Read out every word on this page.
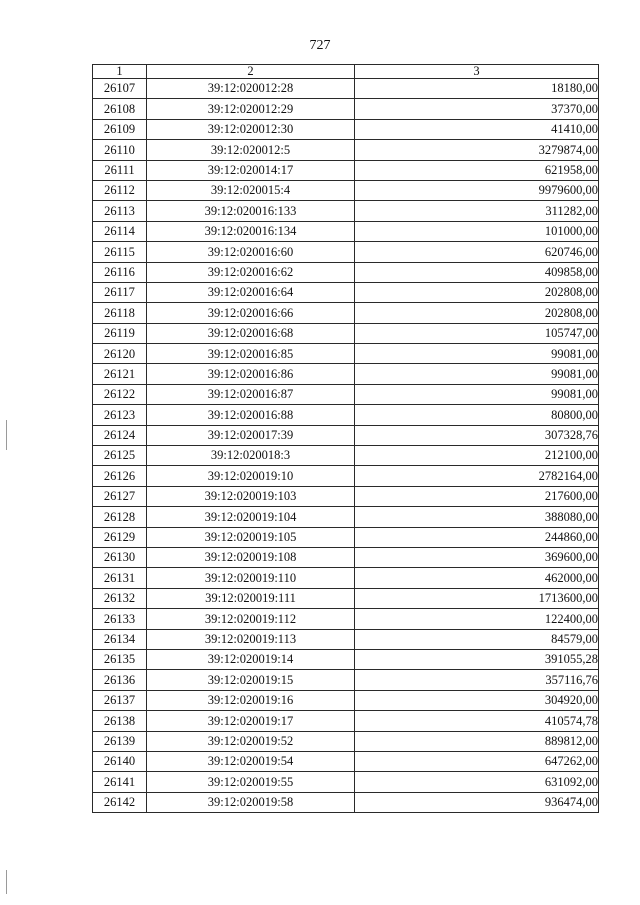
727
1	2	3
26107	39:12:020012:28	18180,00
26108	39:12:020012:29	37370,00
26109	39:12:020012:30	41410,00
26110	39:12:020012:5	3279874,00
26111	39:12:020014:17	621958,00
26112	39:12:020015:4	9979600,00
26113	39:12:020016:133	311282,00
26114	39:12:020016:134	101000,00
26115	39:12:020016:60	620746,00
26116	39:12:020016:62	409858,00
26117	39:12:020016:64	202808,00
26118	39:12:020016:66	202808,00
26119	39:12:020016:68	105747,00
26120	39:12:020016:85	99081,00
26121	39:12:020016:86	99081,00
26122	39:12:020016:87	99081,00
26123	39:12:020016:88	80800,00
26124	39:12:020017:39	307328,76
26125	39:12:020018:3	212100,00
26126	39:12:020019:10	2782164,00
26127	39:12:020019:103	217600,00
26128	39:12:020019:104	388080,00
26129	39:12:020019:105	244860,00
26130	39:12:020019:108	369600,00
26131	39:12:020019:110	462000,00
26132	39:12:020019:111	1713600,00
26133	39:12:020019:112	122400,00
26134	39:12:020019:113	84579,00
26135	39:12:020019:14	391055,28
26136	39:12:020019:15	357116,76
26137	39:12:020019:16	304920,00
26138	39:12:020019:17	410574,78
26139	39:12:020019:52	889812,00
26140	39:12:020019:54	647262,00
26141	39:12:020019:55	631092,00
26142	39:12:020019:58	936474,00
